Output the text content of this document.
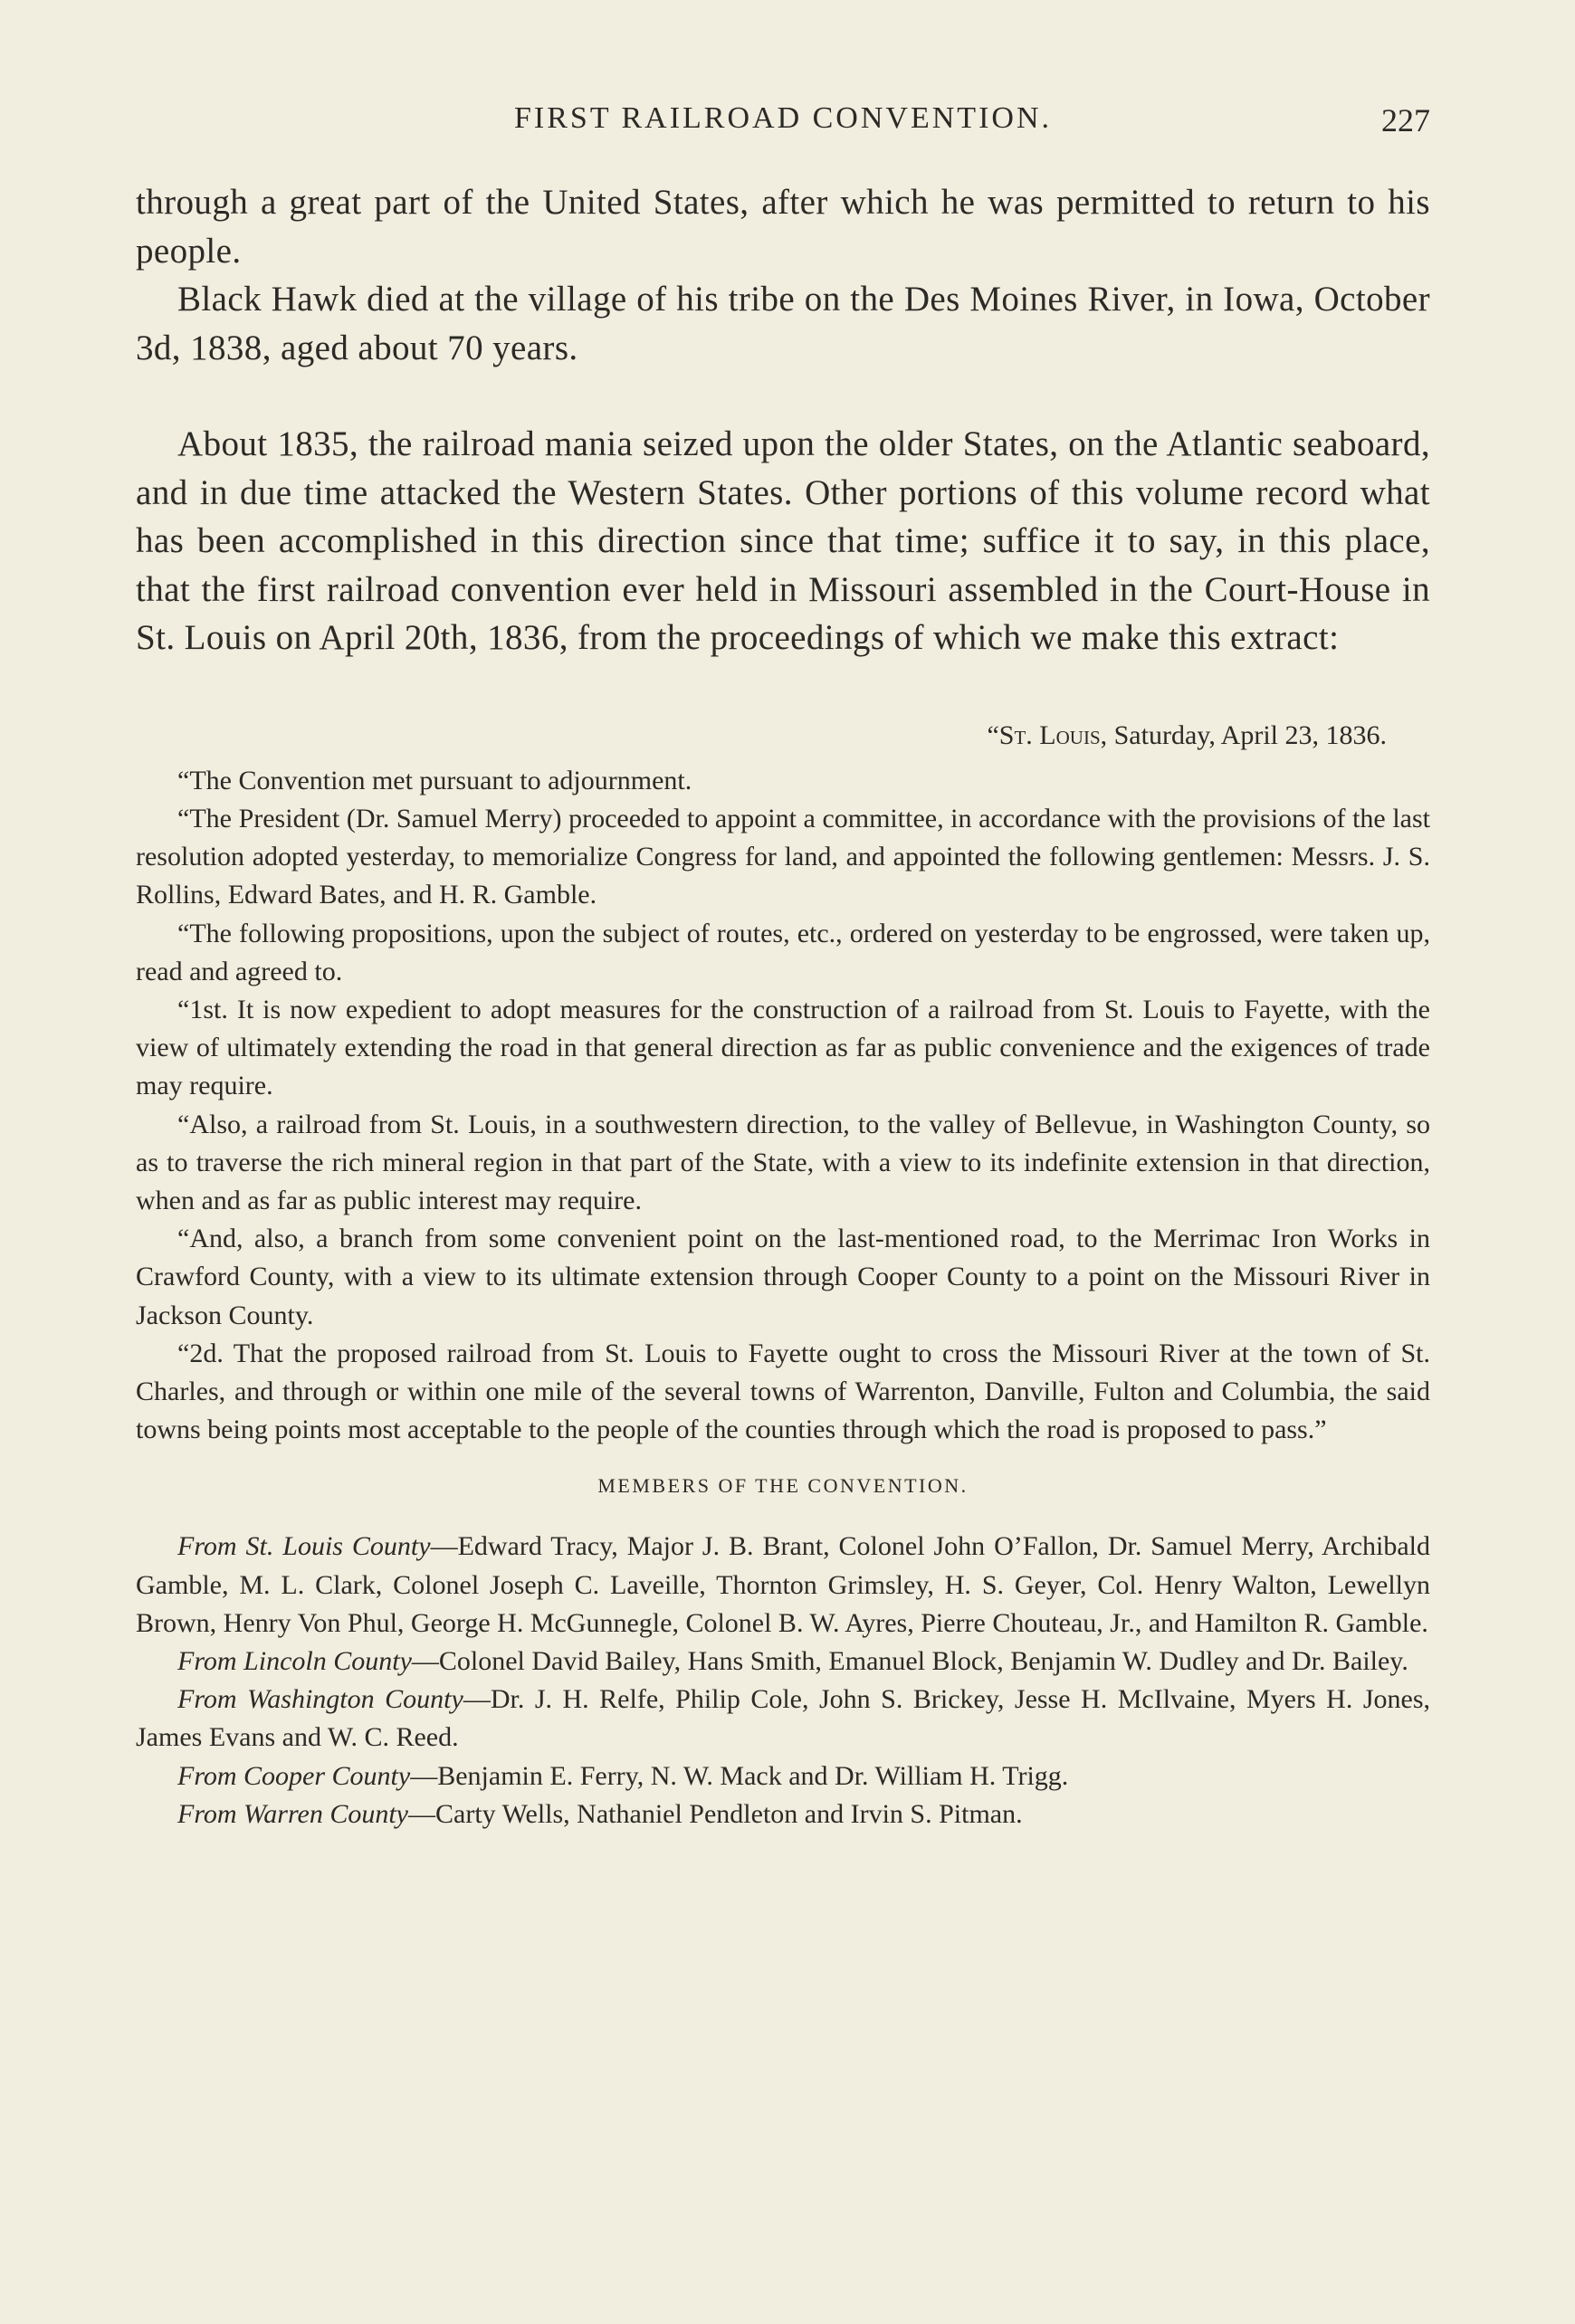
FIRST RAILROAD CONVENTION.	227

through a great part of the United States, after which he was permitted to return to his people.

Black Hawk died at the village of his tribe on the Des Moines River, in Iowa, October 3d, 1838, aged about 70 years.

About 1835, the railroad mania seized upon the older States, on the Atlantic seaboard, and in due time attacked the Western States. Other portions of this volume record what has been accomplished in this direction since that time; suffice it to say, in this place, that the first railroad convention ever held in Missouri assembled in the Court-House in St. Louis on April 20th, 1836, from the proceedings of which we make this extract:

“St. Louis, Saturday, April 23, 1836.

“The Convention met pursuant to adjournment.

“The President (Dr. Samuel Merry) proceeded to appoint a committee, in accordance with the provisions of the last resolution adopted yesterday, to memorialize Congress for land, and appointed the following gentlemen: Messrs. J. S. Rollins, Edward Bates, and H. R. Gamble.

“The following propositions, upon the subject of routes, etc., ordered on yesterday to be engrossed, were taken up, read and agreed to.

“1st. It is now expedient to adopt measures for the construction of a railroad from St. Louis to Fayette, with the view of ultimately extending the road in that general direction as far as public convenience and the exigences of trade may require.

“Also, a railroad from St. Louis, in a southwestern direction, to the valley of Bellevue, in Washington County, so as to traverse the rich mineral region in that part of the State, with a view to its indefinite extension in that direction, when and as far as public interest may require.

“And, also, a branch from some convenient point on the last-mentioned road, to the Merrimac Iron Works in Crawford County, with a view to its ultimate extension through Cooper County to a point on the Missouri River in Jackson County.

“2d. That the proposed railroad from St. Louis to Fayette ought to cross the Missouri River at the town of St. Charles, and through or within one mile of the several towns of Warrenton, Danville, Fulton and Columbia, the said towns being points most acceptable to the people of the counties through which the road is proposed to pass.”

MEMBERS OF THE CONVENTION.

From St. Louis County—Edward Tracy, Major J. B. Brant, Colonel John O’Fallon, Dr. Samuel Merry, Archibald Gamble, M. L. Clark, Colonel Joseph C. Laveille, Thornton Grimsley, H. S. Geyer, Col. Henry Walton, Lewellyn Brown, Henry Von Phul, George H. McGunnegle, Colonel B. W. Ayres, Pierre Chouteau, Jr., and Hamilton R. Gamble.

From Lincoln County—Colonel David Bailey, Hans Smith, Emanuel Block, Benjamin W. Dudley and Dr. Bailey.

From Washington County—Dr. J. H. Relfe, Philip Cole, John S. Brickey, Jesse H. McIlvaine, Myers H. Jones, James Evans and W. C. Reed.

From Cooper County—Benjamin E. Ferry, N. W. Mack and Dr. William H. Trigg.

From Warren County—Carty Wells, Nathaniel Pendleton and Irvin S. Pitman.
